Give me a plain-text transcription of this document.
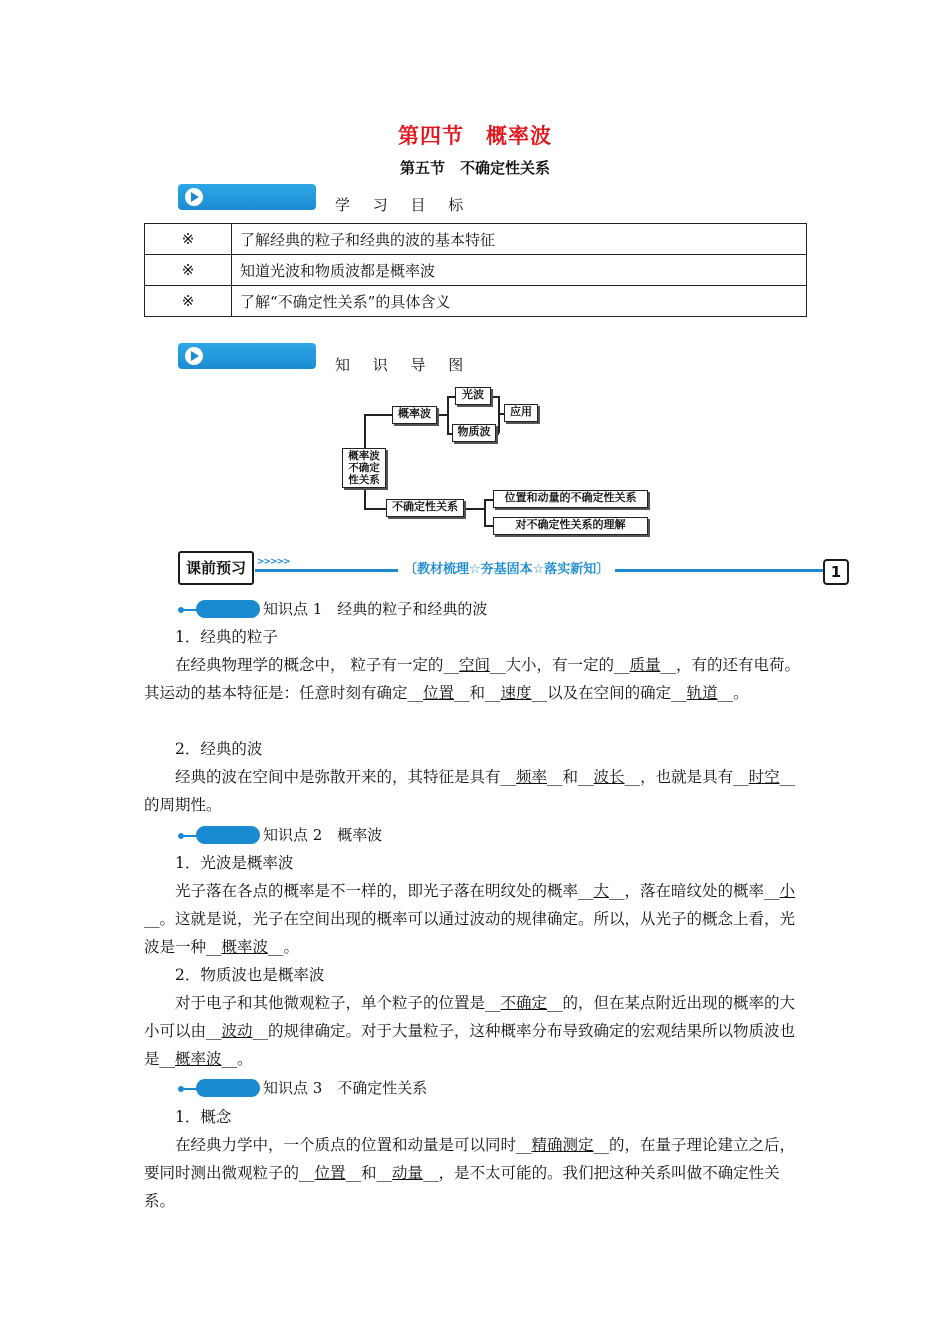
第四节　概率波
第五节　不确定性关系
学 习 目 标
※	了解经典的粒子和经典的波的基本特征
※	知道光波和物质波都是概率波
※	了解“不确定性关系”的具体含义
知 识 导 图
概率波
不确定
性关系
概率波
光波
物质波
应用
不确定性关系
位置和动量的不确定性关系
对不确定性关系的理解
课前预习	>>>>>	〔教材梳理☆夯基固本☆落实新知〕	1
知识点 1　经典的粒子和经典的波
1．经典的粒子
在经典物理学的概念中， 粒子有一定的__空间__大小，有一定的__质量__，有的还有电荷。其运动的基本特征是：任意时刻有确定__位置__和__速度__以及在空间的确定__轨道__。
2．经典的波
经典的波在空间中是弥散开来的，其特征是具有__频率__和__波长__，也就是具有__时空__的周期性。
知识点 2　概率波
1．光波是概率波
光子落在各点的概率是不一样的，即光子落在明纹处的概率__大__，落在暗纹处的概率__小__。这就是说，光子在空间出现的概率可以通过波动的规律确定。所以，从光子的概念上看，光波是一种__概率波__。
2．物质波也是概率波
对于电子和其他微观粒子，单个粒子的位置是__不确定__的，但在某点附近出现的概率的大小可以由__波动__的规律确定。对于大量粒子，这种概率分布导致确定的宏观结果所以物质波也是__概率波__。
知识点 3　不确定性关系
1．概念
在经典力学中，一个质点的位置和动量是可以同时__精确测定__的，在量子理论建立之后，要同时测出微观粒子的__位置__和__动量__，是不太可能的。我们把这种关系叫做不确定性关系。
